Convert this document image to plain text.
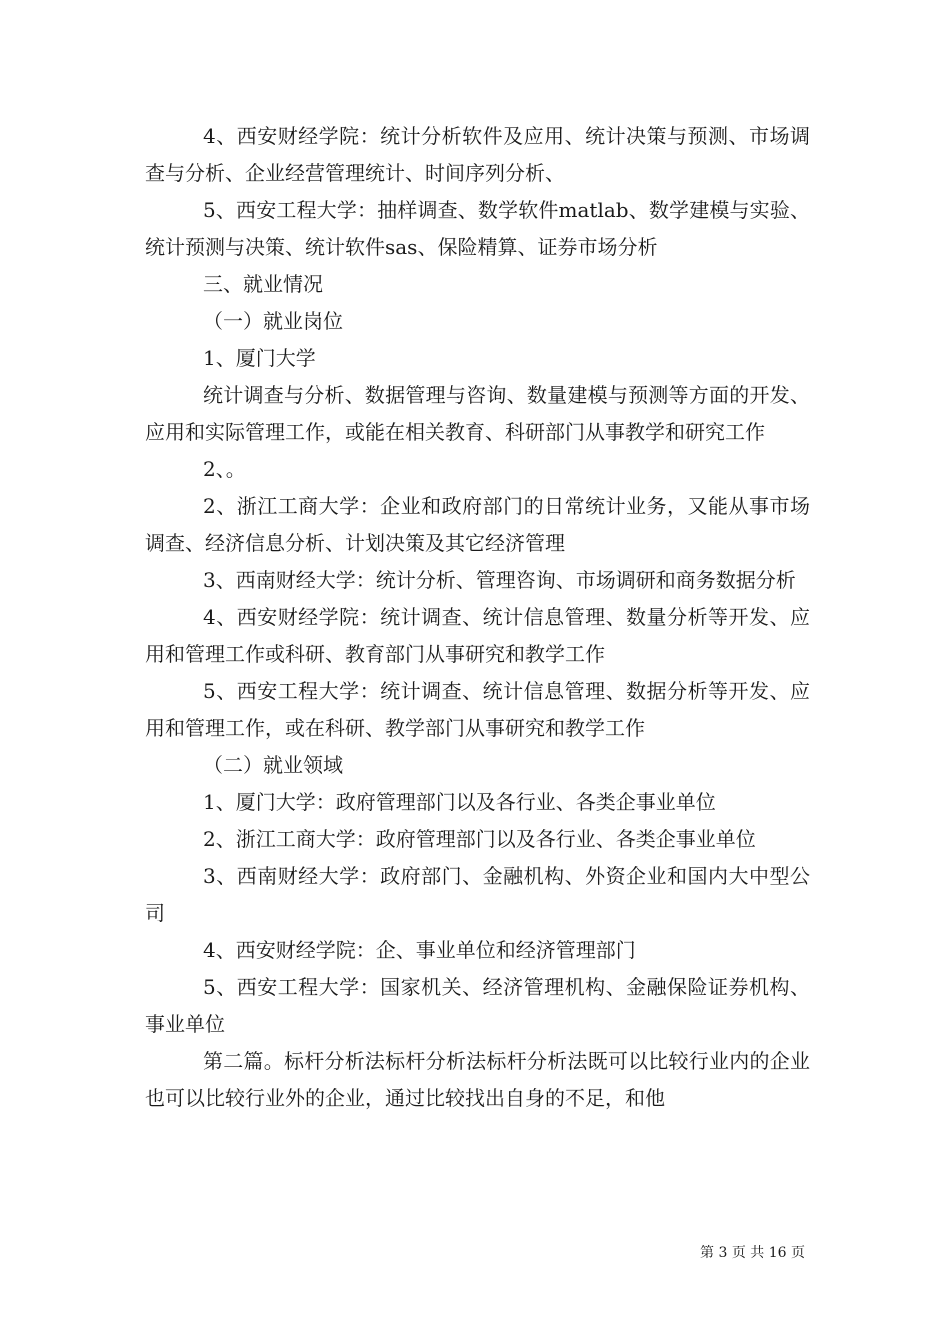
4、西安财经学院：统计分析软件及应用、统计决策与预测、市场调查与分析、企业经营管理统计、时间序列分析、

5、西安工程大学：抽样调查、数学软件matlab、数学建模与实验、统计预测与决策、统计软件sas、保险精算、证券市场分析

三、就业情况

（一）就业岗位

1、厦门大学

统计调查与分析、数据管理与咨询、数量建模与预测等方面的开发、应用和实际管理工作，或能在相关教育、科研部门从事教学和研究工作

2、。

2、浙江工商大学：企业和政府部门的日常统计业务，又能从事市场调查、经济信息分析、计划决策及其它经济管理

3、西南财经大学：统计分析、管理咨询、市场调研和商务数据分析

4、西安财经学院：统计调查、统计信息管理、数量分析等开发、应用和管理工作或科研、教育部门从事研究和教学工作

5、西安工程大学：统计调查、统计信息管理、数据分析等开发、应用和管理工作，或在科研、教学部门从事研究和教学工作

（二）就业领域

1、厦门大学：政府管理部门以及各行业、各类企事业单位

2、浙江工商大学：政府管理部门以及各行业、各类企事业单位

3、西南财经大学：政府部门、金融机构、外资企业和国内大中型公司

4、西安财经学院：企、事业单位和经济管理部门

5、西安工程大学：国家机关、经济管理机构、金融保险证券机构、事业单位

第二篇。标杆分析法标杆分析法标杆分析法既可以比较行业内的企业也可以比较行业外的企业，通过比较找出自身的不足，和他

第 3 页 共 16 页
